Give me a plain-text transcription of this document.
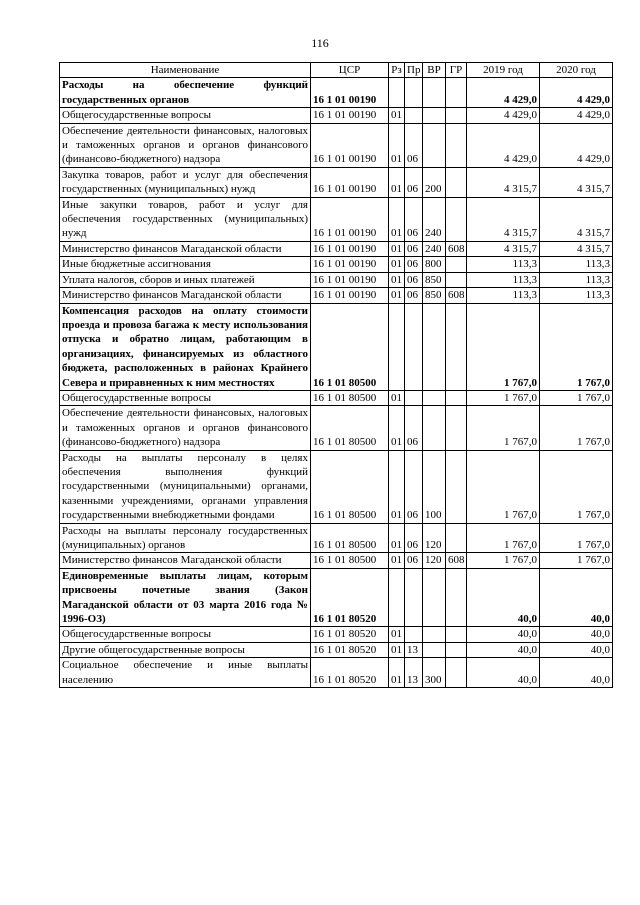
116
Наименование	ЦСР	Рз	Пр	ВР	ГР	2019 год	2020 год
Расходы на обеспечение функций государственных органов	16 1 01 00190					4 429,0	4 429,0
Общегосударственные вопросы	16 1 01 00190	01				4 429,0	4 429,0
Обеспечение деятельности финансовых, налоговых и таможенных органов и органов финансового (финансово-бюджетного) надзора	16 1 01 00190	01	06			4 429,0	4 429,0
Закупка товаров, работ и услуг для обеспечения государственных (муниципальных) нужд	16 1 01 00190	01	06	200		4 315,7	4 315,7
Иные закупки товаров, работ и услуг для обеспечения государственных (муниципальных) нужд	16 1 01 00190	01	06	240		4 315,7	4 315,7
Министерство финансов Магаданской области	16 1 01 00190	01	06	240	608	4 315,7	4 315,7
Иные бюджетные ассигнования	16 1 01 00190	01	06	800		113,3	113,3
Уплата налогов, сборов и иных платежей	16 1 01 00190	01	06	850		113,3	113,3
Министерство финансов Магаданской области	16 1 01 00190	01	06	850	608	113,3	113,3
Компенсация расходов на оплату стоимости проезда и провоза багажа к месту использования отпуска и обратно лицам, работающим в организациях, финансируемых из областного бюджета, расположенных в районах Крайнего Севера и приравненных к ним местностях	16 1 01 80500					1 767,0	1 767,0
Общегосударственные вопросы	16 1 01 80500	01				1 767,0	1 767,0
Обеспечение деятельности финансовых, налоговых и таможенных органов и органов финансового (финансово-бюджетного) надзора	16 1 01 80500	01	06			1 767,0	1 767,0
Расходы на выплаты персоналу в целях обеспечения выполнения функций государственными (муниципальными) органами, казенными учреждениями, органами управления государственными внебюджетными фондами	16 1 01 80500	01	06	100		1 767,0	1 767,0
Расходы на выплаты персоналу государственных (муниципальных) органов	16 1 01 80500	01	06	120		1 767,0	1 767,0
Министерство финансов Магаданской области	16 1 01 80500	01	06	120	608	1 767,0	1 767,0
Единовременные выплаты лицам, которым присвоены почетные звания (Закон Магаданской области от 03 марта 2016 года № 1996-ОЗ)	16 1 01 80520					40,0	40,0
Общегосударственные вопросы	16 1 01 80520	01				40,0	40,0
Другие общегосударственные вопросы	16 1 01 80520	01	13			40,0	40,0
Социальное обеспечение и иные выплаты населению	16 1 01 80520	01	13	300		40,0	40,0
